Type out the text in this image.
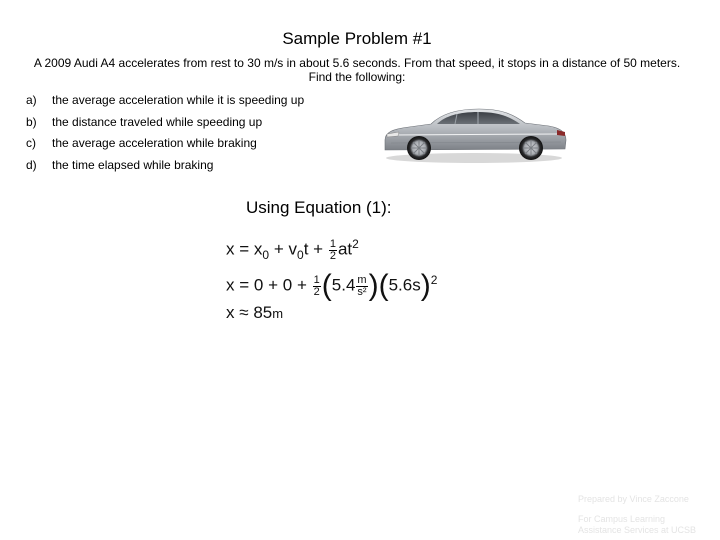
Sample Problem #1
A 2009 Audi A4 accelerates from rest to 30 m/s in about 5.6 seconds. From that speed, it stops in a distance of 50 meters. Find the following:
a) the average acceleration while it is speeding up
b) the distance traveled while speeding up
c) the average acceleration while braking
d) the time elapsed while braking
Using Equation (1):
$x = x_0 + v_0t + \frac{1}{2} at^2$
$x = 0 + 0 + \frac{1}{2} (5.4 \frac{m}{\text{s²}} )(5.6s)^2$
x ≈ 85m
Prepared by Vince Zaccone
For Campus Learning
Assistance Services at UCSB
